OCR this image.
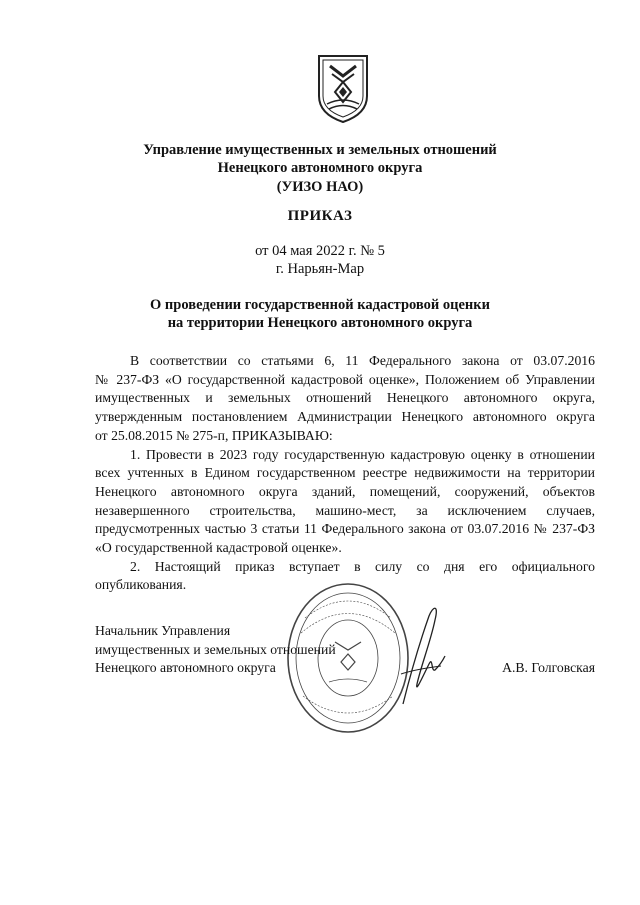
Управление имущественных и земельных отношений
Ненецкого автономного округа
(УИЗО НАО)
ПРИКАЗ
от 04 мая 2022 г. № 5
г. Нарьян-Мар
О проведении государственной кадастровой оценки
на территории Ненецкого автономного округа

В соответствии со статьями 6, 11 Федерального закона от 03.07.2016

№ 237-ФЗ «О государственной кадастровой оценке», Положением об Управлении

имущественных и земельных отношений Ненецкого автономного округа,

утвержденным постановлением Администрации Ненецкого автономного округа

от 25.08.2015 № 275-п, ПРИКАЗЫВАЮ:

1. Провести в 2023 году государственную кадастровую оценку в отношении

всех учтенных в Едином государственном реестре недвижимости на территории

Ненецкого автономного округа зданий, помещений, сооружений, объектов

незавершенного строительства, машино-мест, за исключением случаев,

предусмотренных частью 3 статьи 11 Федерального закона от 03.07.2016 № 237-ФЗ

«О государственной кадастровой оценке».

2. Настоящий приказ вступает в силу со дня его официального

опубликования.

Начальник Управления
имущественных и земельных отношений
Ненецкого автономного округа	А.В. Голговская
